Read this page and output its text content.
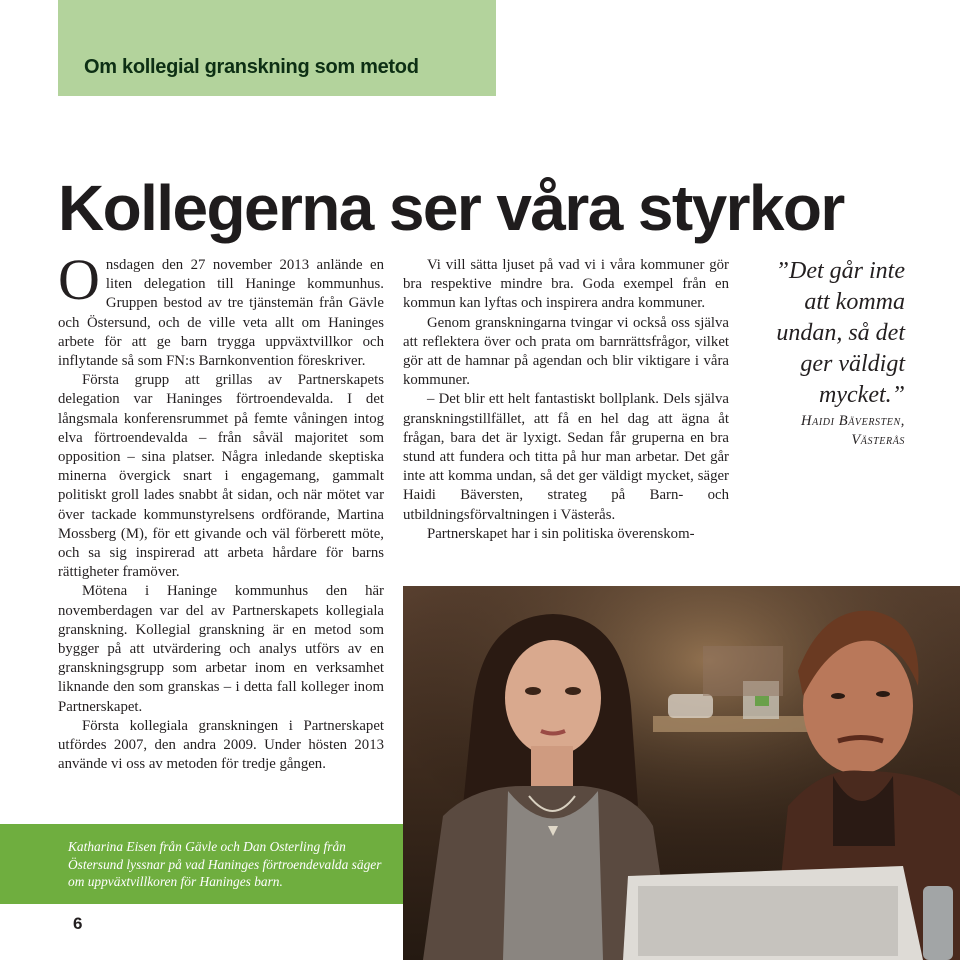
Om kollegial granskning som metod
Kollegerna ser våra styrkor

Onsdagen den 27 november 2013 anlände en liten delegation till Haninge kommunhus. Gruppen bestod av tre tjänstemän från Gävle och Östersund, och de ville veta allt om Haninges arbete för att ge barn trygga uppväxtvillkor och inflytande så som FN:s Barnkonvention föreskriver.

Första grupp att grillas av Partnerskapets delegation var Haninges förtroendevalda. I det långsmala konferensrummet på femte våningen intog elva förtroendevalda – från såväl majoritet som opposition – sina platser. Några inledande skeptiska minerna övergick snart i engagemang, gammalt politiskt groll lades snabbt åt sidan, och när mötet var över tackade kommunstyrelsens ordförande, Martina Mossberg (M), för ett givande och väl förberett möte, och sa sig inspirerad att arbeta hårdare för barns rättigheter framöver.

Mötena i Haninge kommunhus den här novemberdagen var del av Partnerskapets kollegiala granskning. Kollegial granskning är en metod som bygger på att utvärdering och analys utförs av en granskningsgrupp som arbetar inom en verksamhet liknande den som granskas – i detta fall kolleger inom Partnerskapet.

Första kollegiala granskningen i Partnerskapet utfördes 2007, den andra 2009. Under hösten 2013 använde vi oss av metoden för tredje gången.

Vi vill sätta ljuset på vad vi i våra kommuner gör bra respektive mindre bra. Goda exempel från en kommun kan lyftas och inspirera andra kommuner.

Genom granskningarna tvingar vi också oss själva att reflektera över och prata om barnrättsfrågor, vilket gör att de hamnar på agendan och blir viktigare i våra kommuner.

– Det blir ett helt fantastiskt bollplank. Dels själva granskningstillfället, att få en hel dag att ägna åt frågan, bara det är lyxigt. Sedan får gruperna en bra stund att fundera och titta på hur man arbetar. Det går inte att komma undan, så det ger väldigt mycket, säger Haidi Bäversten, strateg på Barn- och utbildningsförvaltningen i Västerås.

Partnerskapet har i sin politiska överenskom-

”Det går inte att komma undan, så det ger väldigt mycket.”
Haidi Bäversten,
Västerås
Katharina Eisen från Gävle och Dan Osterling från Östersund lyssnar på vad Haninges förtroendevalda säger om uppväxtvillkoren för Haninges barn.
6
